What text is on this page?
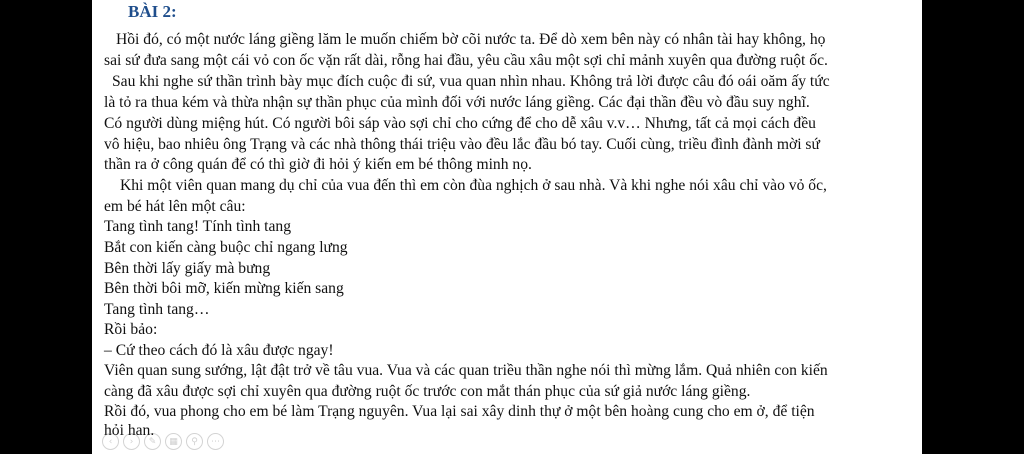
BÀI 2:
Hồi đó, có một nước láng giềng lăm le muốn chiếm bờ cõi nước ta. Để dò xem bên này có nhân tài hay không, họ
sai sứ đưa sang một cái vỏ con ốc vặn rất dài, rỗng hai đầu, yêu cầu xâu một sợi chỉ mảnh xuyên qua đường ruột ốc.
Sau khi nghe sứ thần trình bày mục đích cuộc đi sứ, vua quan nhìn nhau. Không trả lời được câu đó oái oăm ấy tức
là tỏ ra thua kém và thừa nhận sự thần phục của mình đối với nước láng giềng. Các đại thần đều vò đầu suy nghĩ.
Có người dùng miệng hút. Có người bôi sáp vào sợi chỉ cho cứng để cho dễ xâu v.v… Nhưng, tất cả mọi cách đều
vô hiệu, bao nhiêu ông Trạng và các nhà thông thái triệu vào đều lắc đầu bó tay. Cuối cùng, triều đình đành mời sứ
thần ra ở công quán để có thì giờ đi hỏi ý kiến em bé thông minh nọ.
Khi một viên quan mang dụ chỉ của vua đến thì em còn đùa nghịch ở sau nhà. Và khi nghe nói xâu chỉ vào vỏ ốc,
em bé hát lên một câu:
Tang tình tang! Tính tình tang
Bắt con kiến càng buộc chỉ ngang lưng
Bên thời lấy giấy mà bưng
Bên thời bôi mỡ, kiến mừng kiến sang
Tang tình tang…
Rồi bảo:
– Cứ theo cách đó là xâu được ngay!
Viên quan sung sướng, lật đật trở về tâu vua. Vua và các quan triều thần nghe nói thì mừng lắm. Quả nhiên con kiến
càng đã xâu được sợi chỉ xuyên qua đường ruột ốc trước con mắt thán phục của sứ giả nước láng giềng.
Rồi đó, vua phong cho em bé làm Trạng nguyên. Vua lại sai xây dinh thự ở một bên hoàng cung cho em ở, để tiện
hỏi han.
‹	›	✎	▦	⚲	⋯
